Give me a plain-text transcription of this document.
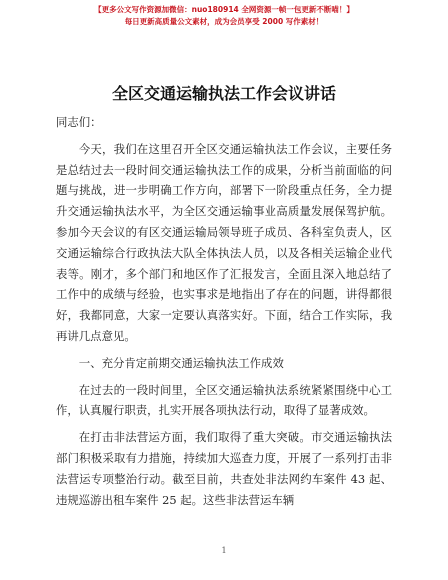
【更多公文写作资源加微信：nuo180914 全网资源一帧一包更新不断喵！】
每日更新高质量公文素材，成为会员享受 2000 写作素材！
全区交通运输执法工作会议讲话

同志们：

今天，我们在这里召开全区交通运输执法工作会议，主要任务是总结过去一段时间交通运输执法工作的成果，分析当前面临的问题与挑战，进一步明确工作方向，部署下一阶段重点任务，全力提升交通运输执法水平，为全区交通运输事业高质量发展保驾护航。参加今天会议的有区交通运输局领导班子成员、各科室负责人，区交通运输综合行政执法大队全体执法人员，以及各相关运输企业代表等。刚才，多个部门和地区作了汇报发言，全面且深入地总结了工作中的成绩与经验，也实事求是地指出了存在的问题，讲得都很好，我都同意，大家一定要认真落实好。下面，结合工作实际，我再讲几点意见。

一、充分肯定前期交通运输执法工作成效

在过去的一段时间里，全区交通运输执法系统紧紧围绕中心工作，认真履行职责，扎实开展各项执法行动，取得了显著成效。

在打击非法营运方面，我们取得了重大突破。市交通运输执法部门积极采取有力措施，持续加大巡查力度，开展了一系列打击非法营运专项整治行动。截至目前，共查处非法网约车案件 43 起、违规巡游出租车案件 25 起。这些非法营运车辆

1
